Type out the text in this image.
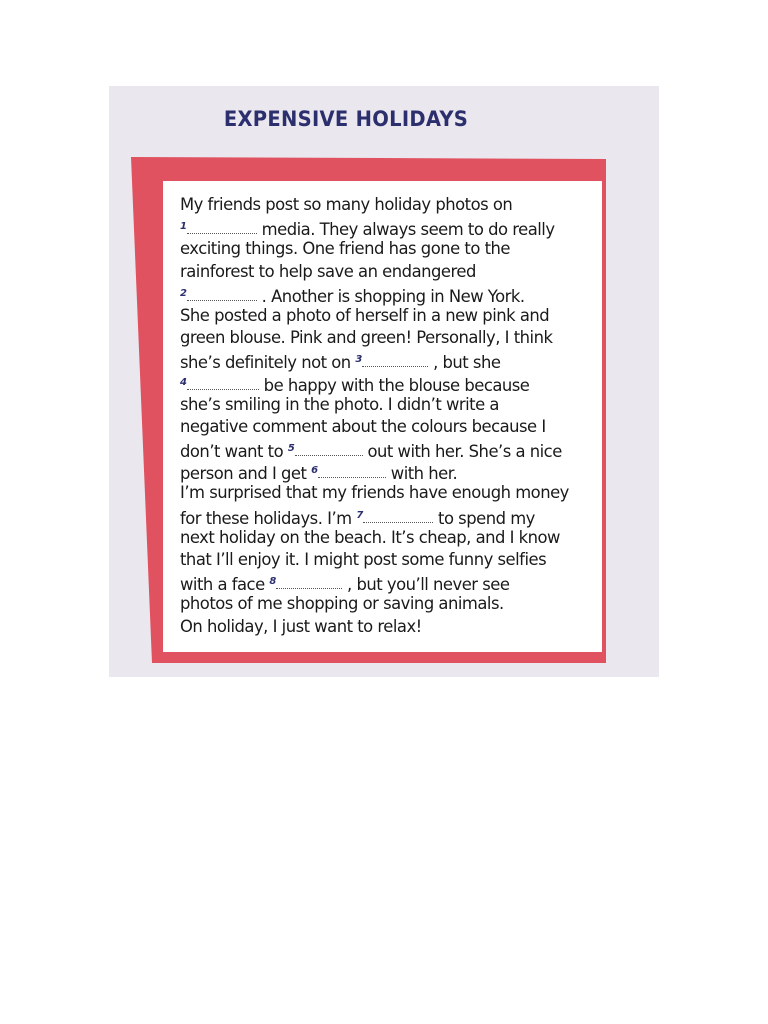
EXPENSIVE HOLIDAYS
My friends post so many holiday photos on
$^1$	media. They always seem to do really
exciting things. One friend has gone to the
rainforest to help save an endangered
$^2$	. Another is shopping in New York.
She posted a photo of herself in a new pink and
green blouse. Pink and green! Personally, I think
she’s definitely not on $^3$	, but she
$^4$	be happy with the blouse because
she’s smiling in the photo. I didn’t write a
negative comment about the colours because I
don’t want to $^5$	out with her. She’s a nice
person and I get $^6$	with her.
I’m surprised that my friends have enough money
for these holidays. I’m $^7$	to spend my
next holiday on the beach. It’s cheap, and I know
that I’ll enjoy it. I might post some funny selfies
with a face $^8$	, but you’ll never see
photos of me shopping or saving animals.
On holiday, I just want to relax!
